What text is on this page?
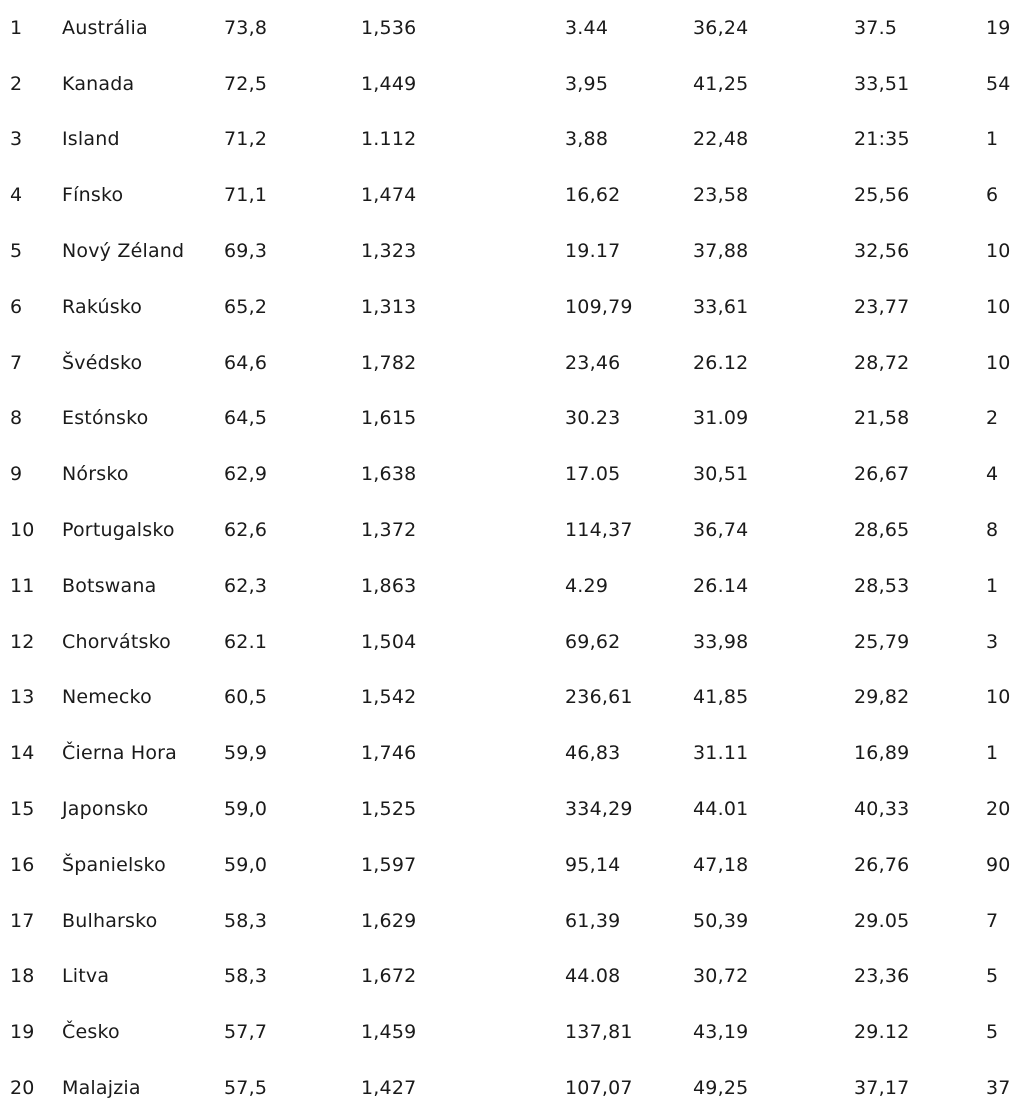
1	Austrália	73,8	1,536	3.44	36,24	37.5	19
2	Kanada	72,5	1,449	3,95	41,25	33,51	54
3	Island	71,2	1.112	3,88	22,48	21:35	1
4	Fínsko	71,1	1,474	16,62	23,58	25,56	6
5	Nový Zéland	69,3	1,323	19.17	37,88	32,56	10
6	Rakúsko	65,2	1,313	109,79	33,61	23,77	10
7	Švédsko	64,6	1,782	23,46	26.12	28,72	10
8	Estónsko	64,5	1,615	30.23	31.09	21,58	2
9	Nórsko	62,9	1,638	17.05	30,51	26,67	4
10	Portugalsko	62,6	1,372	114,37	36,74	28,65	8
11	Botswana	62,3	1,863	4.29	26.14	28,53	1
12	Chorvátsko	62.1	1,504	69,62	33,98	25,79	3
13	Nemecko	60,5	1,542	236,61	41,85	29,82	10
14	Čierna Hora	59,9	1,746	46,83	31.11	16,89	1
15	Japonsko	59,0	1,525	334,29	44.01	40,33	20
16	Španielsko	59,0	1,597	95,14	47,18	26,76	90
17	Bulharsko	58,3	1,629	61,39	50,39	29.05	7
18	Litva	58,3	1,672	44.08	30,72	23,36	5
19	Česko	57,7	1,459	137,81	43,19	29.12	5
20	Malajzia	57,5	1,427	107,07	49,25	37,17	37
